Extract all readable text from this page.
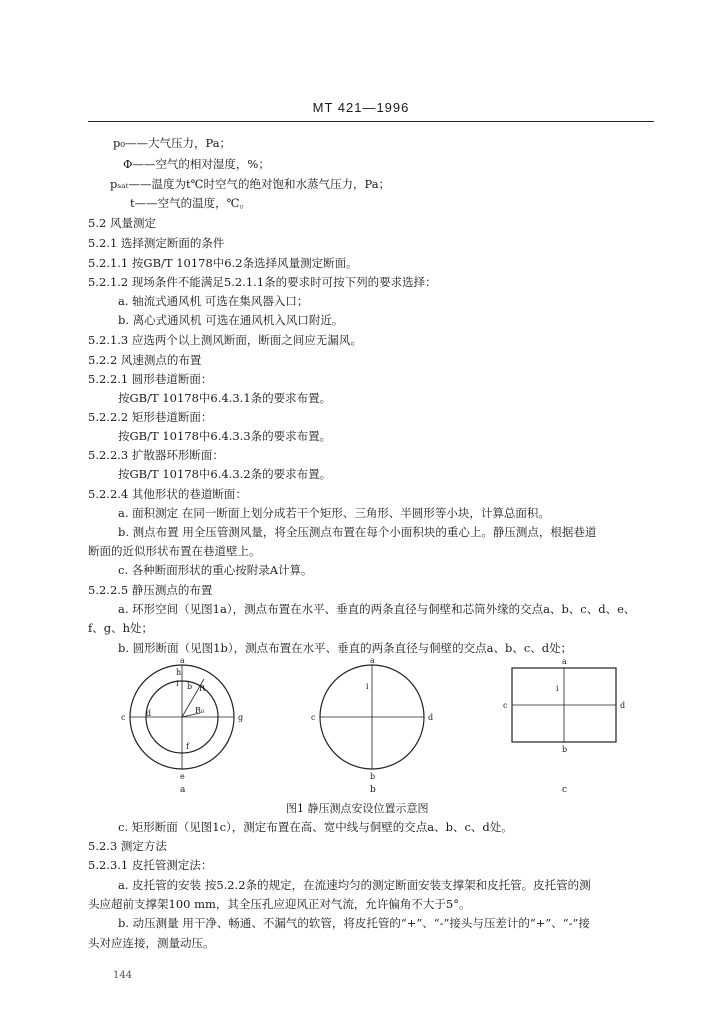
MT 421—1996
p₀——大气压力，Pa；
Φ——空气的相对湿度，%；
pₛₐₜ——温度为t℃时空气的绝对饱和水蒸气压力，Pa；
t——空气的温度，℃。
5.2 风量测定
5.2.1 选择测定断面的条件
5.2.1.1 按GB/T 10178中6.2条选择风量测定断面。
5.2.1.2 现场条件不能满足5.2.1.1条的要求时可按下列的要求选择：
a. 轴流式通风机 可选在集风器入口；
b. 离心式通风机 可选在通风机入风口附近。
5.2.1.3 应选两个以上测风断面，断面之间应无漏风。
5.2.2 风速测点的布置
5.2.2.1 圆形巷道断面：
按GB/T 10178中6.4.3.1条的要求布置。
5.2.2.2 矩形巷道断面：
按GB/T 10178中6.4.3.3条的要求布置。
5.2.2.3 扩散器环形断面：
按GB/T 10178中6.4.3.2条的要求布置。
5.2.2.4 其他形状的巷道断面：
a. 面积测定 在同一断面上划分成若干个矩形、三角形、半圆形等小块，计算总面积。
b. 测点布置 用全压管测风量，将全压测点布置在每个小面积块的重心上。静压测点，根据巷道
断面的近似形状布置在巷道壁上。
c. 各种断面形状的重心按附录A计算。
5.2.2.5 静压测点的布置
a. 环形空间（见图1a），测点布置在水平、垂直的两条直径与侗壁和芯筒外缘的交点a、b、c、d、e、
f、g、h处；
b. 圆形断面（见图1b），测点布置在水平、垂直的两条直径与侗壁的交点a、b、c、d处；
a
b
c	d
e
f
g
h
i
R
R₀
a
a
b
c	d
i
b
a
b
c	d
i
c
图1 静压测点安设位置示意图
c. 矩形断面（见图1c），测定布置在高、宽中线与侗壁的交点a、b、c、d处。
5.2.3 测定方法
5.2.3.1 皮托管测定法：
a. 皮托管的安装 按5.2.2条的规定，在流速均匀的测定断面安装支撑架和皮托管。皮托管的测
头应超前支撑架100 mm，其全压孔应迎风正对气流，允许偏角不大于5°。
b. 动压测量 用干净、畅通、不漏气的软管，将皮托管的“+”、“-”接头与压差计的“+”、“-”接
头对应连接，测量动压。
144
